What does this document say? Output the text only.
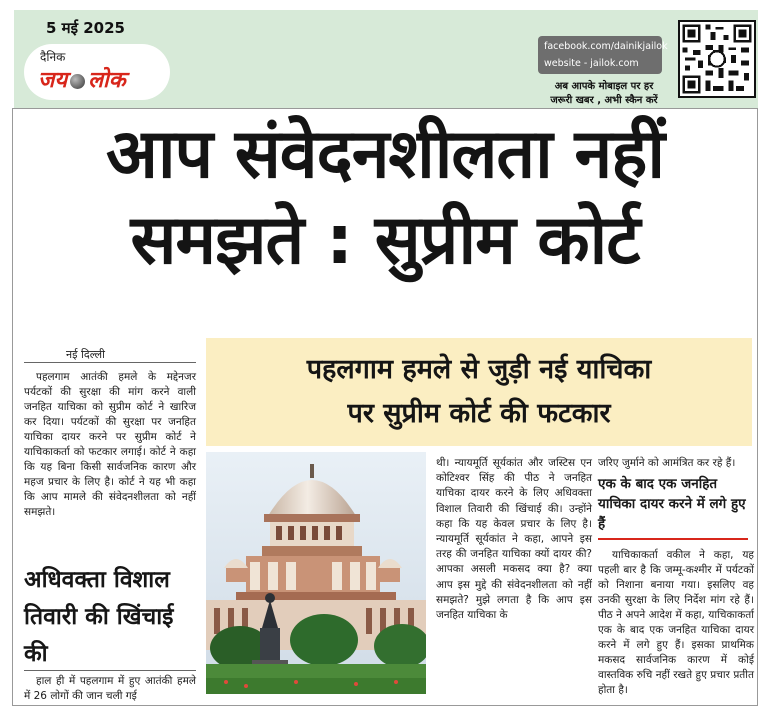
5 मई 2025
दैनिक
जय लोक
facebook.com/dainikjailok
website - jailok.com
अब आपके मोबाइल पर हर
जरूरी खबर , अभी स्कैन करें
आप संवेदनशीलता नहीं
समझते : सुप्रीम कोर्ट
पहलगाम हमले से जुड़ी नई याचिका
पर सुप्रीम कोर्ट की फटकार
नई दिल्ली

पहलगाम आतंकी हमले के मद्देनजर पर्यटकों की सुरक्षा की मांग करने वाली जनहित याचिका को सुप्रीम कोर्ट ने खारिज कर दिया। पर्यटकों की सुरक्षा पर जनहित याचिका दायर करने पर सुप्रीम कोर्ट ने याचिकाकर्ता को फटकार लगाई। कोर्ट ने कहा कि यह बिना किसी सार्वजनिक कारण और महज प्रचार के लिए है। कोर्ट ने यह भी कहा कि आप मामले की संवेदनशीलता को नहीं समझते।

अधिवक्ता विशाल तिवारी की खिंचाई की

हाल ही में पहलगाम में हुए आतंकी हमले में 26 लोगों की जान चली गई

थी। न्यायमूर्ति सूर्यकांत और जस्टिस एन कोटिश्वर सिंह की पीठ ने जनहित याचिका दायर करने के लिए अधिवक्ता विशाल तिवारी की खिंचाई की। उन्होंने कहा कि यह केवल प्रचार के लिए है। न्यायमूर्ति सूर्यकांत ने कहा, आपने इस तरह की जनहित याचिका क्यों दायर की? आपका असली मकसद क्या है? क्या आप इस मुद्दे की संवेदनशीलता को नहीं समझते? मुझे लगता है कि आप इस जनहित याचिका के

जरिए जुर्माने को आमंत्रित कर रहे हैं।

एक के बाद एक जनहित याचिका दायर करने में लगे हुए हैं

याचिकाकर्ता वकील ने कहा, यह पहली बार है कि जम्मू-कश्मीर में पर्यटकों को निशाना बनाया गया। इसलिए वह उनकी सुरक्षा के लिए निर्देश मांग रहे हैं। पीठ ने अपने आदेश में कहा, याचिकाकर्ता एक के बाद एक जनहित याचिका दायर करने में लगे हुए हैं। इसका प्राथमिक मकसद सार्वजनिक कारण में कोई वास्तविक रुचि नहीं रखते हुए प्रचार प्रतीत होता है।
